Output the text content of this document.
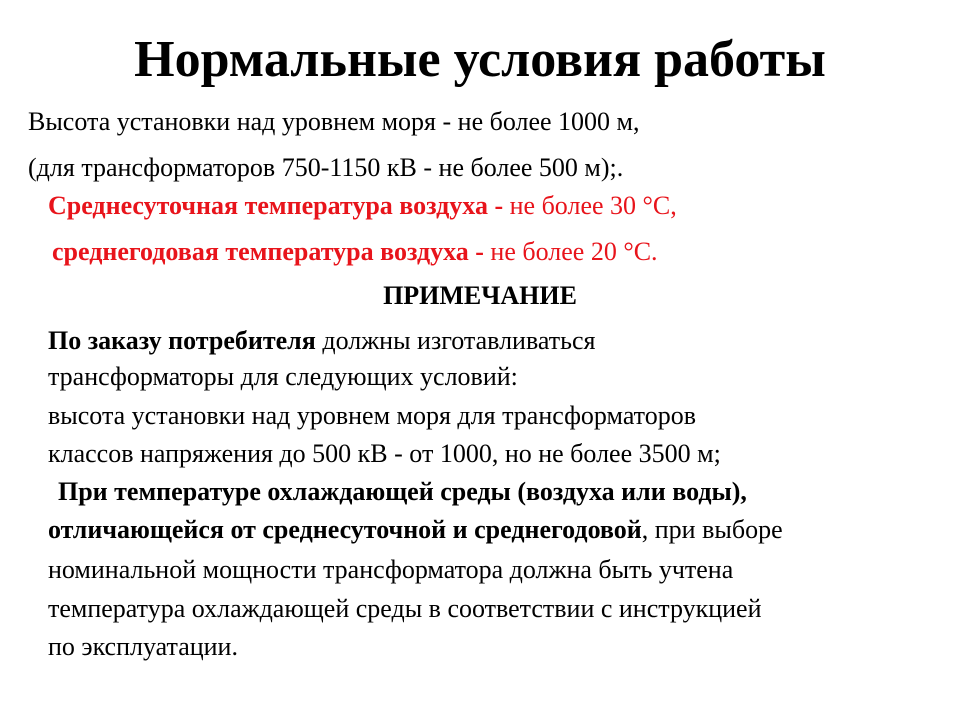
Нормальные условия работы
Высота установки над уровнем моря - не более 1000 м,
(для трансформаторов 750-1150 кВ - не более 500 м);.
Среднесуточная температура воздуха - не более 30 °С,
среднегодовая температура воздуха - не более 20 °С.
ПРИМЕЧАНИЕ
По заказу потребителя должны изготавливаться
трансформаторы для следующих условий:
высота установки над уровнем моря для трансформаторов
классов напряжения до 500 кВ - от 1000, но не более 3500 м;
При температуре охлаждающей среды (воздуха или воды),
отличающейся от среднесуточной и среднегодовой, при выборе
номинальной мощности трансформатора должна быть учтена
температура охлаждающей среды в соответствии с инструкцией
по эксплуатации.
